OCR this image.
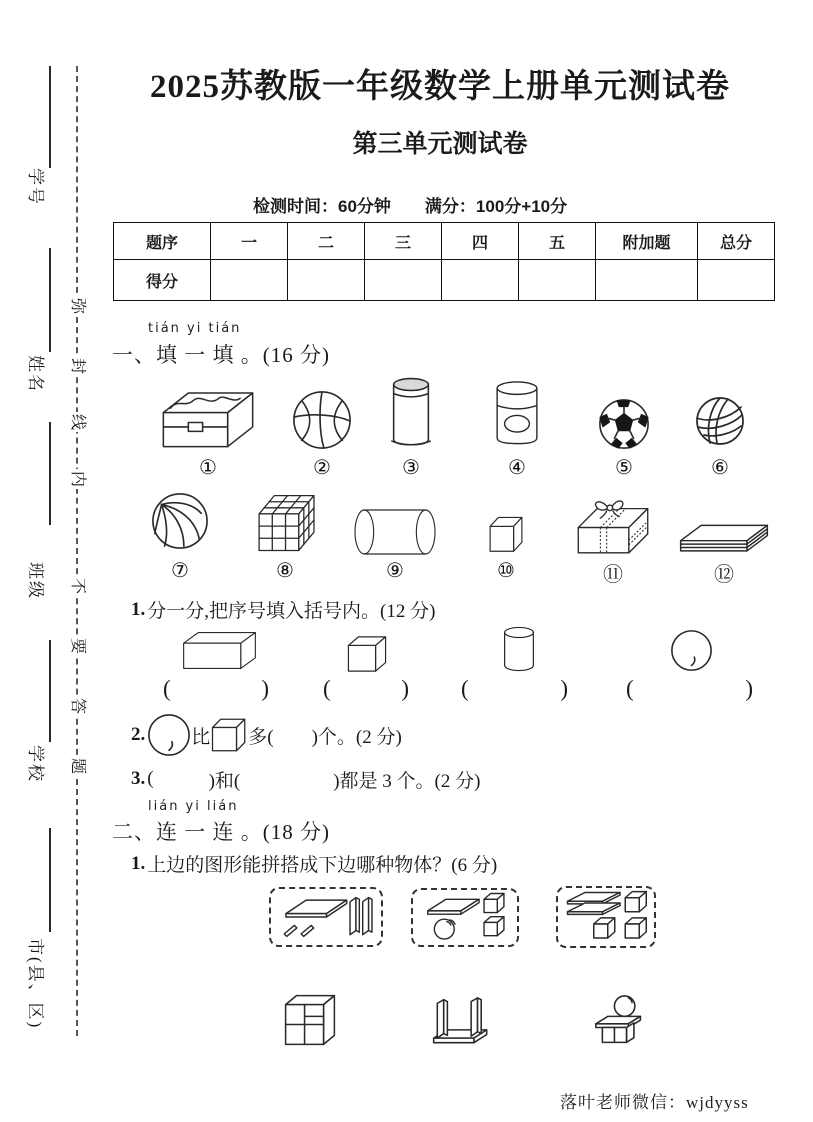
学号
姓名
班级
学校
市(县、区)
弥
封
线
内
不
要
答
题
2025苏教版一年级数学上册单元测试卷
第三单元测试卷
检测时间：60分钟 满分：100分+10分
题序	一	二	三	四	五	附加题	总分
得分							
tián yi tián
一、填 一 填 。(16 分)
①	②	③	④	⑤	⑥
⑦	⑧	⑨	⑩	⑪	⑫
1. 分一分,把序号填入括号内。(12 分)
(	) (	) (	)	(	)
2. 比 多( )个。(2 分)
3. (	)和(	)都是 3 个。(2 分)
lián yi lián
二、连 一 连 。(18 分)
1. 上边的图形能拼搭成下边哪种物体？(6 分)
落叶老师微信：wjdyyss
